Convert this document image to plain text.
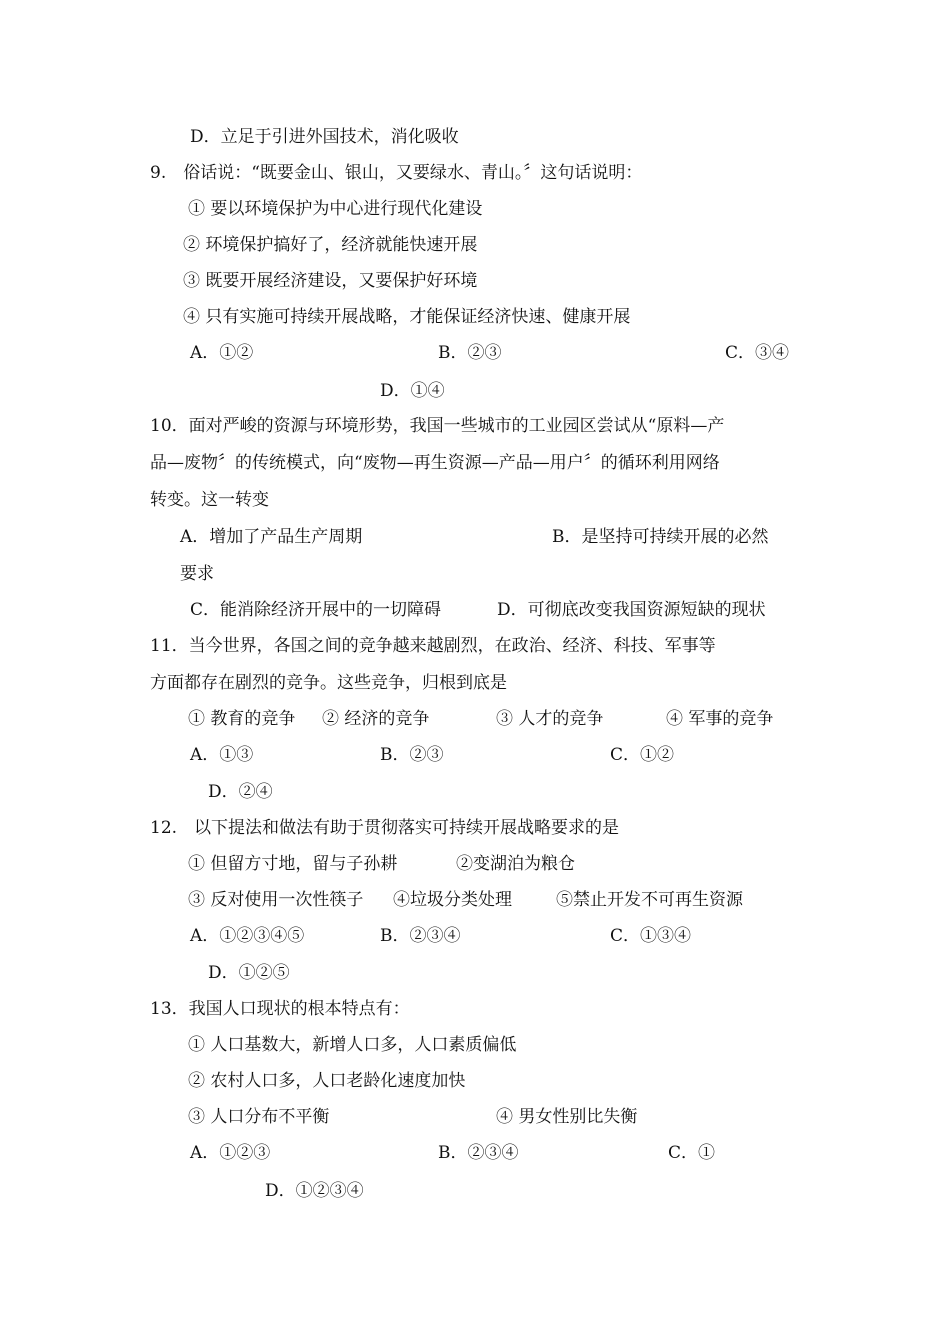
D．立足于引进外国技术，消化吸收
9.　俗话说：“既要金山、银山，又要绿水、青山。〞这句话说明：
① 要以环境保护为中心进行现代化建设
② 环境保护搞好了，经济就能快速开展
③ 既要开展经济建设，又要保护好环境
④ 只有实施可持续开展战略，才能保证经济快速、健康开展
A．①②	B．②③	C．③④
D．①④
10．面对严峻的资源与环境形势，我国一些城市的工业园区尝试从“原料—产
品—废物〞的传统模式，向“废物—再生资源—产品—用户〞的循环利用网络
转变。这一转变
A．增加了产品生产周期	B．是坚持可持续开展的必然
要求
C．能消除经济开展中的一切障碍	D．可彻底改变我国资源短缺的现状
11．当今世界，各国之间的竞争越来越剧烈，在政治、经济、科技、军事等
方面都存在剧烈的竞争。这些竞争，归根到底是
① 教育的竞争 ② 经济的竞争	③ 人才的竞争	④ 军事的竞争
A．①③	B．②③	C．①②
D．②④
12.　以下提法和做法有助于贯彻落实可持续开展战略要求的是
① 但留方寸地，留与子孙耕	②变湖泊为粮仓
③ 反对使用一次性筷子 ④垃圾分类处理	⑤禁止开发不可再生资源
A．①②③④⑤	B．②③④	C．①③④
D．①②⑤
13．我国人口现状的根本特点有：
① 人口基数大，新增人口多，人口素质偏低
② 农村人口多，人口老龄化速度加快
③ 人口分布不平衡	④ 男女性别比失衡
A．①②③	B．②③④	C．①
D．①②③④
